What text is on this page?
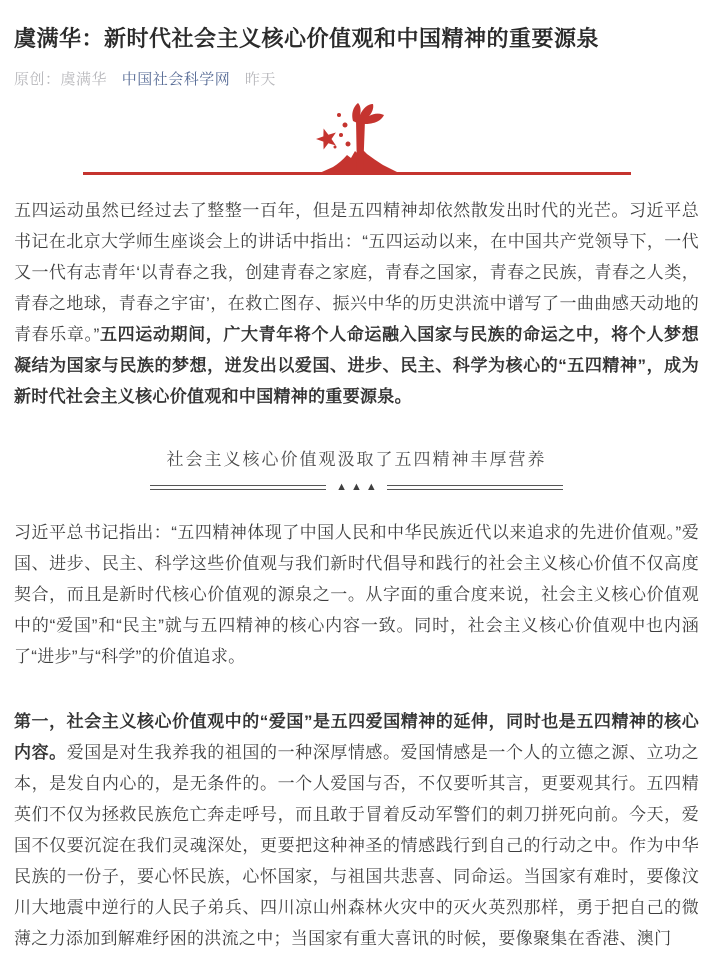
虞满华：新时代社会主义核心价值观和中国精神的重要源泉
原创：虞满华 中国社会科学网 昨天

五四运动虽然已经过去了整整一百年，但是五四精神却依然散发出时代的光芒。习近平总书记在北京大学师生座谈会上的讲话中指出：“五四运动以来，在中国共产党领导下，一代又一代有志青年‘以青春之我，创建青春之家庭，青春之国家，青春之民族，青春之人类，青春之地球，青春之宇宙’，在救亡图存、振兴中华的历史洪流中谱写了一曲曲感天动地的青春乐章。”五四运动期间，广大青年将个人命运融入国家与民族的命运之中，将个人梦想凝结为国家与民族的梦想，迸发出以爱国、进步、民主、科学为核心的“五四精神”，成为新时代社会主义核心价值观和中国精神的重要源泉。

社会主义核心价值观汲取了五四精神丰厚营养
▲▲▲

习近平总书记指出：“五四精神体现了中国人民和中华民族近代以来追求的先进价值观。”爱国、进步、民主、科学这些价值观与我们新时代倡导和践行的社会主义核心价值不仅高度契合，而且是新时代核心价值观的源泉之一。从字面的重合度来说，社会主义核心价值观中的“爱国”和“民主”就与五四精神的核心内容一致。同时，社会主义核心价值观中也内涵了“进步”与“科学”的价值追求。

第一，社会主义核心价值观中的“爱国”是五四爱国精神的延伸，同时也是五四精神的核心内容。爱国是对生我养我的祖国的一种深厚情感。爱国情感是一个人的立德之源、立功之本，是发自内心的，是无条件的。一个人爱国与否，不仅要听其言，更要观其行。五四精英们不仅为拯救民族危亡奔走呼号，而且敢于冒着反动军警们的刺刀拼死向前。今天，爱国不仅要沉淀在我们灵魂深处，更要把这种神圣的情感践行到自己的行动之中。作为中华民族的一份子，要心怀民族，心怀国家，与祖国共悲喜、同命运。当国家有难时，要像汶川大地震中逆行的人民子弟兵、四川凉山州森林火灾中的灭火英烈那样，勇于把自己的微薄之力添加到解难纾困的洪流之中；当国家有重大喜讯的时候，要像聚集在香港、澳门
